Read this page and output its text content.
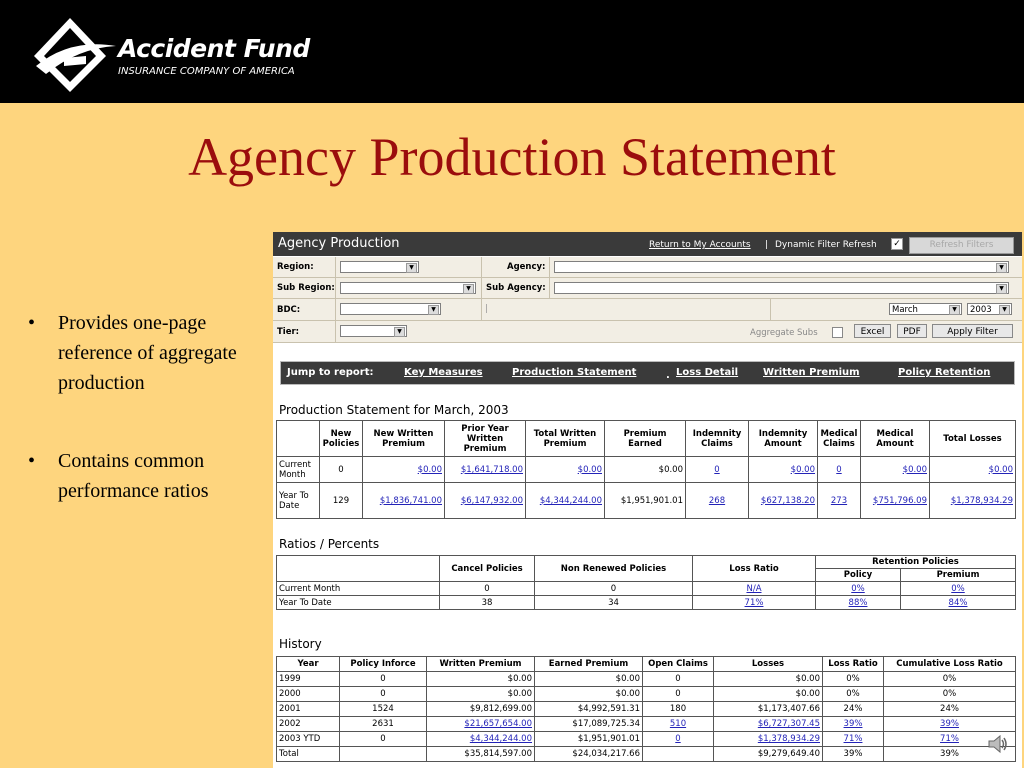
Accident Fund
INSURANCE COMPANY OF AMERICA
Agency Production Statement
• Provides one-page reference of aggregate production
• Contains common performance ratios
Agency Production	Return to My Accounts | Dynamic Filter Refresh ✓	Refresh Filters
Region:	▼	Agency:	▼
Sub Region:	▼	Sub Agency:	▼
BDC:	▼	|	March	▼	2003	▼
Tier:	▼	Aggregate Subs	Excel	PDF	Apply Filter
Jump to report:	Key Measures	Production Statement	. Loss Detail Written Premium	Policy Retention
Production Statement for March, 2003
	New Policies	New Written Premium	Prior Year Written Premium	Total Written Premium	Premium Earned	Indemnity Claims	Indemnity Amount	Medical Claims	Medical Amount	Total Losses
Current Month	0	$0.00	$1,641,718.00	$0.00	$0.00	0	$0.00	0	$0.00	$0.00
Year To Date	129	$1,836,741.00	$6,147,932.00	$4,344,244.00	$1,951,901.01	268	$627,138.20	273	$751,796.09	$1,378,934.29
Ratios / Percents
	Cancel Policies	Non Renewed Policies	Loss Ratio	Retention Policies	
				Policy	Premium
Current Month	0	0	N/A	0%	0%
Year To Date	38	34	71%	88%	84%
History
Year	Policy Inforce	Written Premium	Earned Premium	Open Claims	Losses	Loss Ratio	Cumulative Loss Ratio
1999	0	$0.00	$0.00	0	$0.00	0%	0%
2000	0	$0.00	$0.00	0	$0.00	0%	0%
2001	1524	$9,812,699.00	$4,992,591.31	180	$1,173,407.66	24%	24%
2002	2631	$21,657,654.00	$17,089,725.34	510	$6,727,307.45	39%	39%
2003 YTD	0	$4,344,244.00	$1,951,901.01	0	$1,378,934.29	71%	71%
Total		$35,814,597.00	$24,034,217.66		$9,279,649.40	39%	39%
